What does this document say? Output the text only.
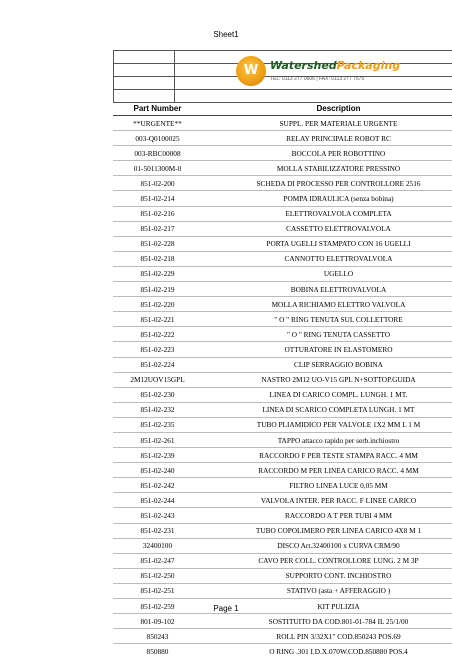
Sheet1

W	WatershedPackaging
TEL: 0113 277 0606 | FAX: 0113 277 7575
Part Number	Description
**URGENTE**	SUPPL. PER MATERIALE URGENTE
003-Q0100025	RELAY PRINCIPALE ROBOT RC
003-RBC00008	BOCCOLA PER ROBOTTINO
01-5011300M-0	MOLLA STABILIZZATORE PRESSINO
851-02-200	SCHEDA DI PROCESSO PER CONTROLLORE 2516
851-02-214	POMPA IDRAULICA (senza bobina)
851-02-216	ELETTROVALVOLA COMPLETA
851-02-217	CASSETTO ELETTROVALVOLA
851-02-228	PORTA UGELLI STAMPATO CON 16 UGELLI
851-02-218	CANNOTTO ELETTROVALVOLA
851-02-229	UGELLO
851-02-219	BOBINA ELETTROVALVOLA
851-02-220	MOLLA RICHIAMO ELETTRO VALVOLA
851-02-221	" O " RING TENUTA SUL COLLETTORE
851-02-222	" O " RING TENUTA CASSETTO
851-02-223	OTTURATORE IN ELASTOMERO
851-02-224	CLIP SERRAGGIO BOBINA
2M12UOV15GPL	NASTRO 2M12 UO-V15 GPL N+SOTTOP.GUIDA
851-02-230	LINEA DI CARICO COMPL. LUNGH. 1 MT.
851-02-232	LINEA DI SCARICO COMPLETA LUNGH. 1 MT
851-02-235	TUBO PLIAMIDICO PER VALVOLE 1X2 MM L 1 M
851-02-261	TAPPO attacco rapido per serb.inchiostro
851-02-239	RACCORDO F PER TESTE STAMPA RACC. 4 MM
851-02-240	RACCORDO M PER LINEA CARICO RACC. 4 MM
851-02-242	FILTRO LINEA LUCE 0,05 MM
851-02-244	VALVOLA INTER. PER RACC. F LINEE CARICO
851-02-243	RACCORDO A T PER TUBI 4 MM
851-02-231	TUBO COPOLIMERO PER LINEA CARICO 4X8 M 1
32400100	DISCO Art.32400100 x CURVA CRM/90
851-02-247	CAVO PER COLL. CONTROLLORE LUNG. 2 M 3P
851-02-250	SUPPORTO CONT. INCHIOSTRO
851-02-251	STATIVO (asta + AFFERAGGIO )
851-02-259	KIT PULIZIA
801-09-102	SOSTITUITO DA COD.801-01-784 IL 25/1/00
850243	ROLL PIN 3/32X1" COD.850243 POS.69
850880	O RING .301 I.D.X.070W.COD.850880 POS.4
Page 1
